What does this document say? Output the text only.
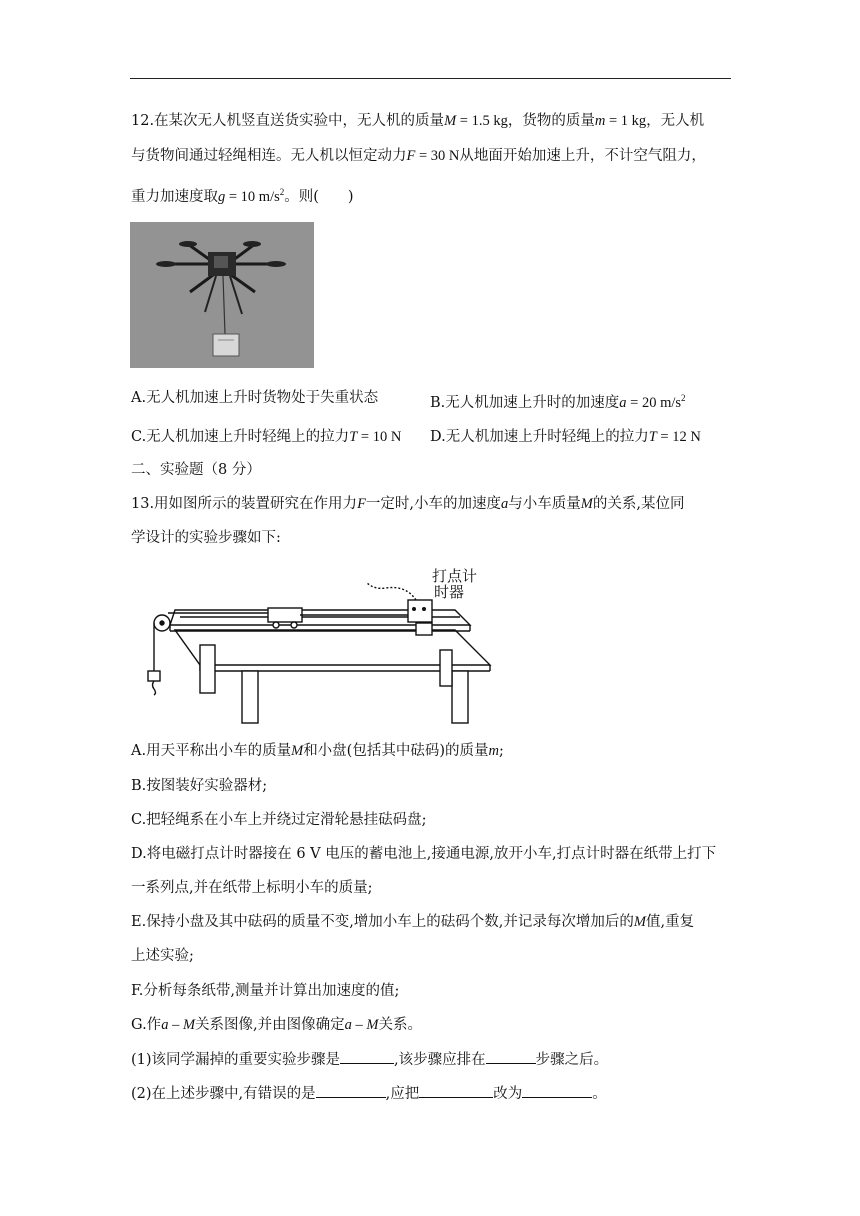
12.在某次无人机竖直送货实验中，无人机的质量M = 1.5 kg，货物的质量m = 1 kg，无人机
与货物间通过轻绳相连。无人机以恒定动力F = 30 N从地面开始加速上升，不计空气阻力，
重力加速度取g = 10 $m/s^2$。则(　　)
A.无人机加速上升时货物处于失重状态	B.无人机加速上升时的加速度a = 20 $m/s^2$
C.无人机加速上升时轻绳上的拉力T = 10 N D.无人机加速上升时轻绳上的拉力T = 12 N
二、实验题（8 分）
13.用如图所示的装置研究在作用力F一定时,小车的加速度a与小车质量M的关系,某位同
学设计的实验步骤如下:
打点计
时器
A.用天平称出小车的质量M和小盘(包括其中砝码)的质量m;
B.按图装好实验器材;
C.把轻绳系在小车上并绕过定滑轮悬挂砝码盘;
D.将电磁打点计时器接在 6 V 电压的蓄电池上,接通电源,放开小车,打点计时器在纸带上打下
一系列点,并在纸带上标明小车的质量;
E.保持小盘及其中砝码的质量不变,增加小车上的砝码个数,并记录每次增加后的M值,重复
上述实验;
F.分析每条纸带,测量并计算出加速度的值;
G.作a – M关系图像,并由图像确定a – M关系。
(1)该同学漏掉的重要实验步骤是	,该步骤应排在	步骤之后。
(2)在上述步骤中,有错误的是	,应把	改为	。
